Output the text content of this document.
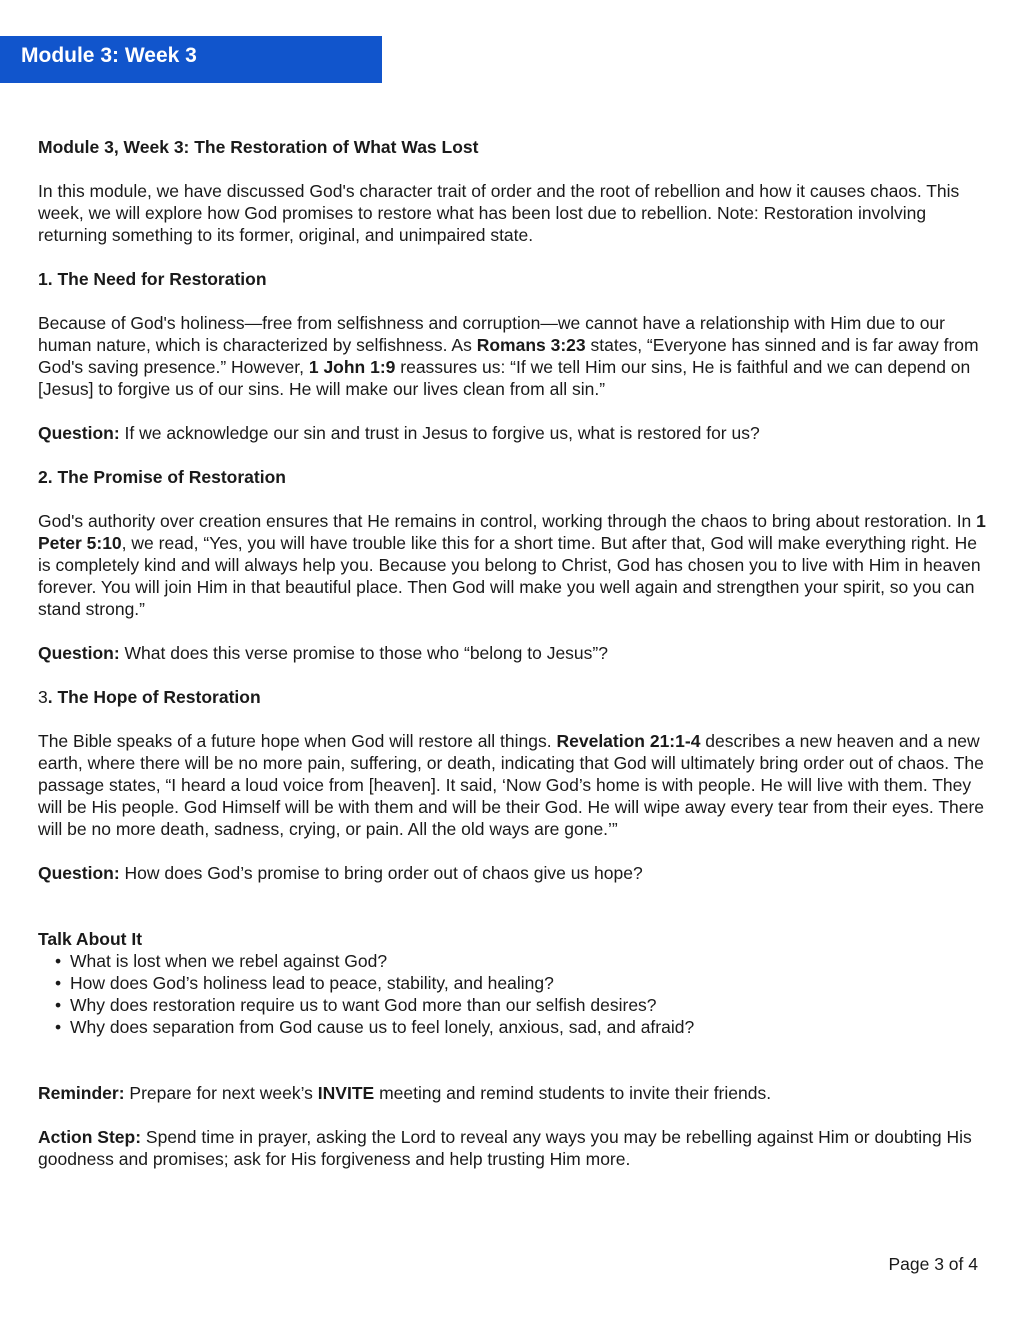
Module 3: Week 3

Module 3, Week 3: The Restoration of What Was Lost

In this module, we have discussed God's character trait of order and the root of rebellion and how it causes chaos. This week, we will explore how God promises to restore what has been lost due to rebellion. Note: Restoration involving returning something to its former, original, and unimpaired state.

1. The Need for Restoration

Because of God's holiness—free from selfishness and corruption—we cannot have a relationship with Him due to our human nature, which is characterized by selfishness. As Romans 3:23 states, “Everyone has sinned and is far away from God's saving presence.” However, 1 John 1:9 reassures us: “If we tell Him our sins, He is faithful and we can depend on [Jesus] to forgive us of our sins. He will make our lives clean from all sin.”

Question: If we acknowledge our sin and trust in Jesus to forgive us, what is restored for us?

2. The Promise of Restoration

God's authority over creation ensures that He remains in control, working through the chaos to bring about restoration. In 1 Peter 5:10, we read, “Yes, you will have trouble like this for a short time. But after that, God will make everything right. He is completely kind and will always help you. Because you belong to Christ, God has chosen you to live with Him in heaven forever. You will join Him in that beautiful place. Then God will make you well again and strengthen your spirit, so you can stand strong.”

Question: What does this verse promise to those who “belong to Jesus”?

3. The Hope of Restoration

The Bible speaks of a future hope when God will restore all things. Revelation 21:1-4 describes a new heaven and a new earth, where there will be no more pain, suffering, or death, indicating that God will ultimately bring order out of chaos. The passage states, “I heard a loud voice from [heaven]. It said, ‘Now God’s home is with people. He will live with them. They will be His people. God Himself will be with them and will be their God. He will wipe away every tear from their eyes. There will be no more death, sadness, crying, or pain. All the old ways are gone.’”

Question: How does God’s promise to bring order out of chaos give us hope?

Talk About It

• What is lost when we rebel against God?
• How does God’s holiness lead to peace, stability, and healing?
• Why does restoration require us to want God more than our selfish desires?
• Why does separation from God cause us to feel lonely, anxious, sad, and afraid?

Reminder: Prepare for next week’s INVITE meeting and remind students to invite their friends.

Action Step: Spend time in prayer, asking the Lord to reveal any ways you may be rebelling against Him or doubting His goodness and promises; ask for His forgiveness and help trusting Him more.

Page 3 of 4
